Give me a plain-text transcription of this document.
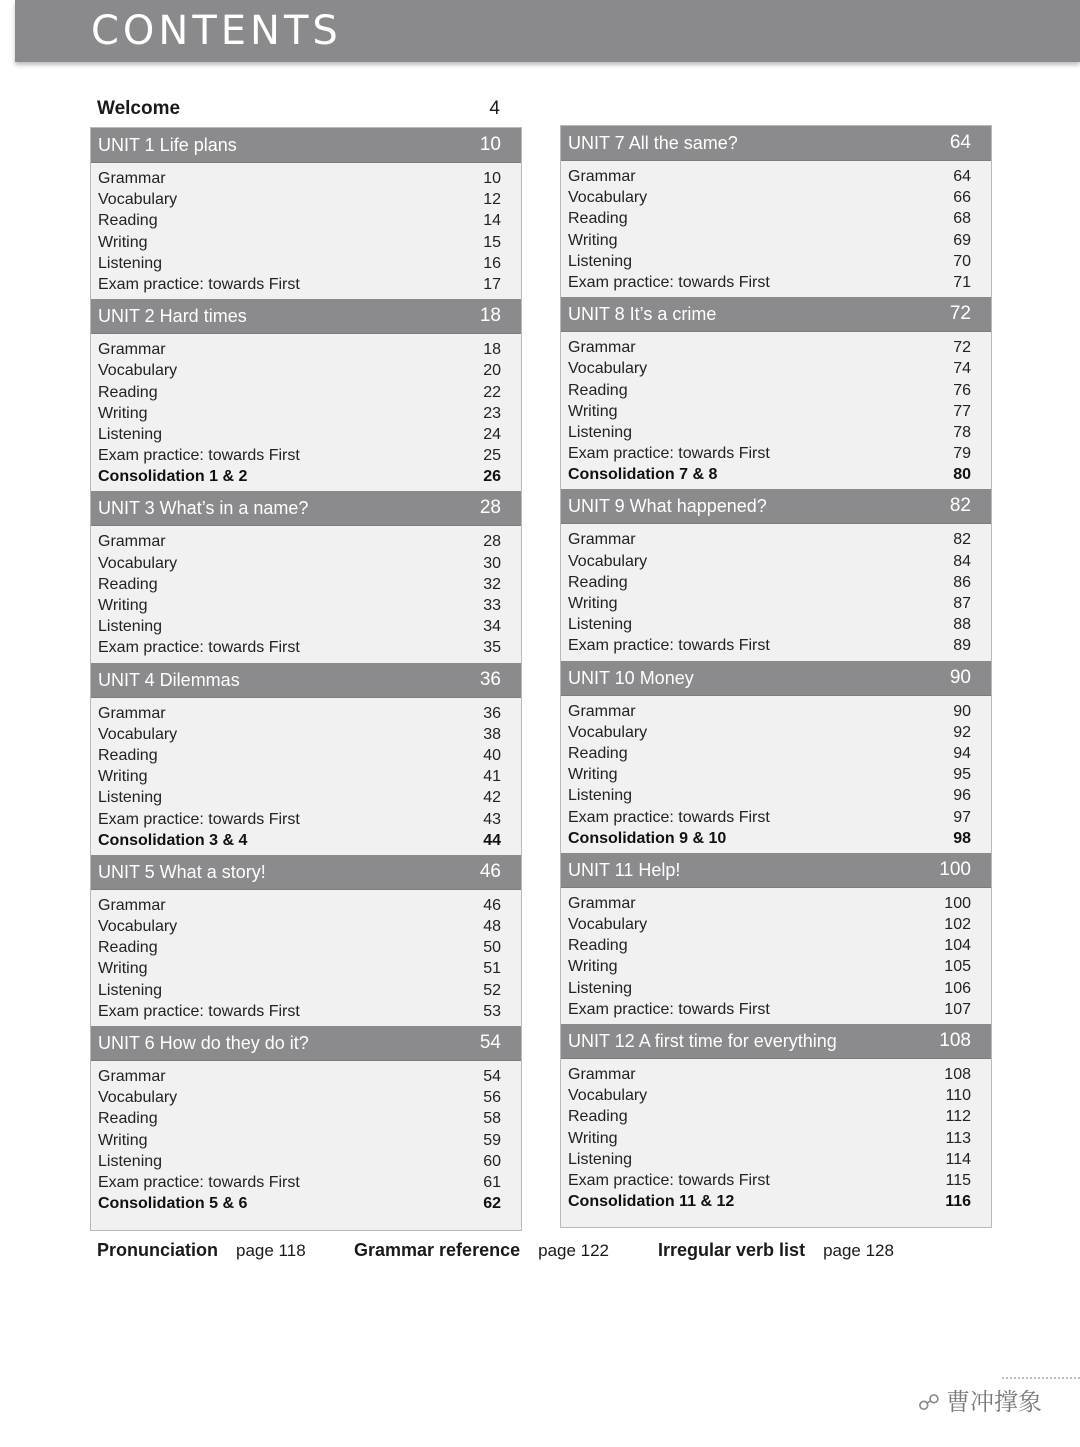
CONTENTS
Welcome	4
UNIT 1 Life plans	10
Grammar	10
Vocabulary	12
Reading	14
Writing	15
Listening	16
Exam practice: towards First	17
UNIT 2 Hard times	18
Grammar	18
Vocabulary	20
Reading	22
Writing	23
Listening	24
Exam practice: towards First	25
Consolidation 1 & 2	26
UNIT 3 What’s in a name?	28
Grammar	28
Vocabulary	30
Reading	32
Writing	33
Listening	34
Exam practice: towards First	35
UNIT 4 Dilemmas	36
Grammar	36
Vocabulary	38
Reading	40
Writing	41
Listening	42
Exam practice: towards First	43
Consolidation 3 & 4	44
UNIT 5 What a story!	46
Grammar	46
Vocabulary	48
Reading	50
Writing	51
Listening	52
Exam practice: towards First	53
UNIT 6 How do they do it?	54
Grammar	54
Vocabulary	56
Reading	58
Writing	59
Listening	60
Exam practice: towards First	61
Consolidation 5 & 6	62
UNIT 7 All the same?	64
Grammar	64
Vocabulary	66
Reading	68
Writing	69
Listening	70
Exam practice: towards First	71
UNIT 8 It’s a crime	72
Grammar	72
Vocabulary	74
Reading	76
Writing	77
Listening	78
Exam practice: towards First	79
Consolidation 7 & 8	80
UNIT 9 What happened?	82
Grammar	82
Vocabulary	84
Reading	86
Writing	87
Listening	88
Exam practice: towards First	89
UNIT 10 Money	90
Grammar	90
Vocabulary	92
Reading	94
Writing	95
Listening	96
Exam practice: towards First	97
Consolidation 9 & 10	98
UNIT 11 Help!	100
Grammar	100
Vocabulary	102
Reading	104
Writing	105
Listening	106
Exam practice: towards First	107
UNIT 12 A first time for everything	108
Grammar	108
Vocabulary	110
Reading	112
Writing	113
Listening	114
Exam practice: towards First	115
Consolidation 11 & 12	116
Pronunciation page 118	Grammar reference page 122	Irregular verb list page 128
☍ 曹冲撑象
